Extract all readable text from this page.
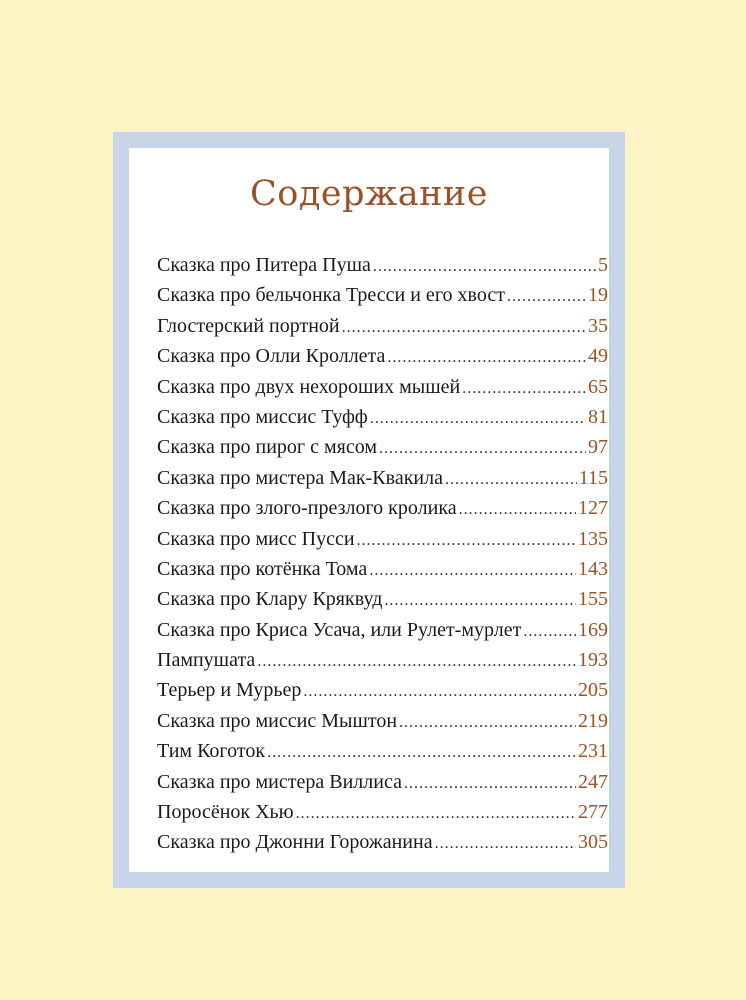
Содержание
Сказка про Питера Пуша .....	5
Сказка про бельчонка Тресси и его хвост .....	19
Глостерский портной .....	35
Сказка про Олли Кроллета .....	49
Сказка про двух нехороших мышей .....	65
Сказка про миссис Туфф .....	81
Сказка про пирог с мясом .....	97
Сказка про мистера Мак-Квакила .....	115
Сказка про злого-презлого кролика .....	127
Сказка про мисс Пусси .....	135
Сказка про котёнка Тома .....	143
Сказка про Клару Кряквуд .....	155
Сказка про Криса Усача, или Рулет-мурлет .....	169
Пампушата .....	193
Терьер и Мурьер .....	205
Сказка про миссис Мыштон .....	219
Тим Коготок .....	231
Сказка про мистера Виллиса .....	247
Поросёнок Хью .....	277
Сказка про Джонни Горожанина .....	305
